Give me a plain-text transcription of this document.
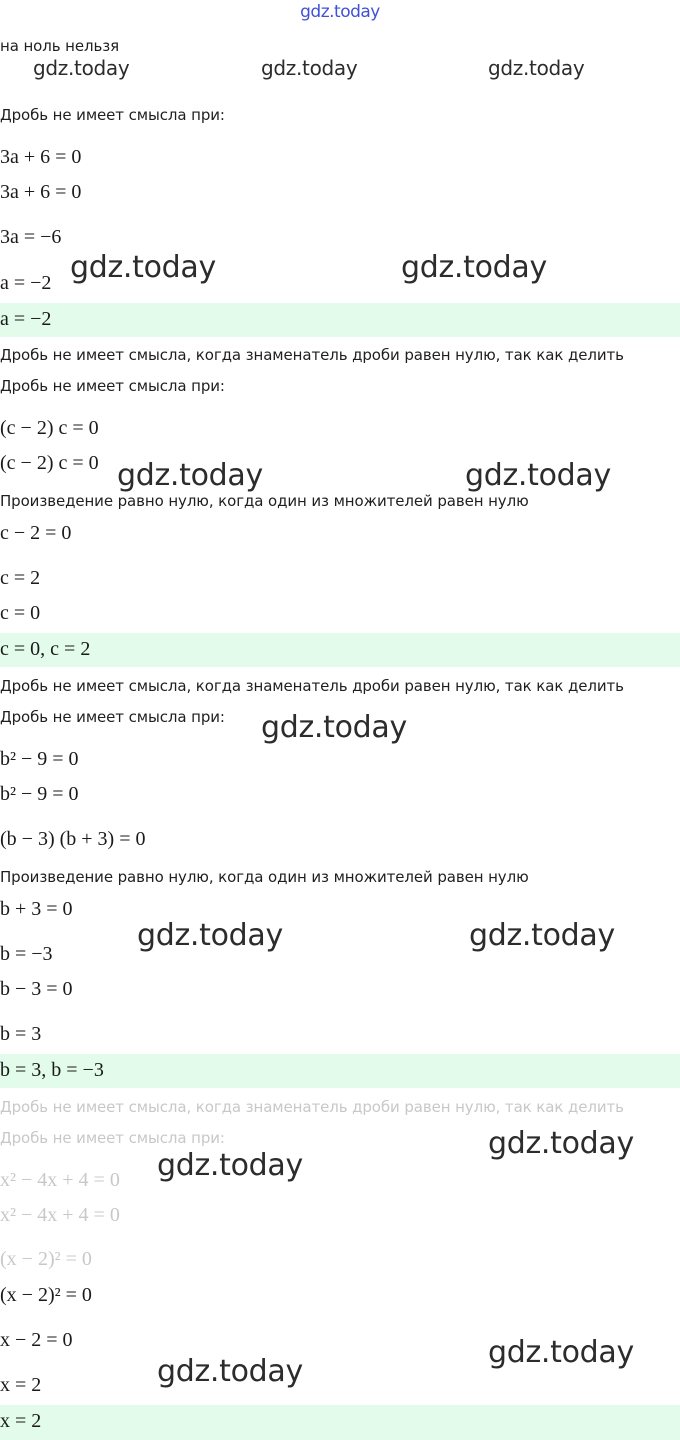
gdz.today
на ноль нельзя
Дробь не имеет смысла при:
3a + 6 = 0
3a + 6 = 0
3a = −6
a = −2
a = −2
Дробь не имеет смысла, когда знаменатель дроби равен нулю, так как делить
Дробь не имеет смысла при:
(c − 2) c = 0
(c − 2) c = 0
Произведение равно нулю, когда один из множителей равен нулю
c − 2 = 0
c = 2
c = 0
c = 0, c = 2
Дробь не имеет смысла, когда знаменатель дроби равен нулю, так как делить
Дробь не имеет смысла при:
b² − 9 = 0
b² − 9 = 0
(b − 3) (b + 3) = 0
Произведение равно нулю, когда один из множителей равен нулю
b + 3 = 0
b = −3
b − 3 = 0
b = 3
b = 3, b = −3
Дробь не имеет смысла, когда знаменатель дроби равен нулю, так как делить
Дробь не имеет смысла при:
x² − 4x + 4 = 0
x² − 4x + 4 = 0
(x − 2)² = 0
(x − 2)² = 0
x − 2 = 0
x = 2
x = 2
gdz.today	gdz.today	gdz.today
gdz.today	gdz.today
gdz.today	gdz.today
gdz.today
gdz.today	gdz.today
gdz.today
gdz.today
gdz.today
gdz.today
